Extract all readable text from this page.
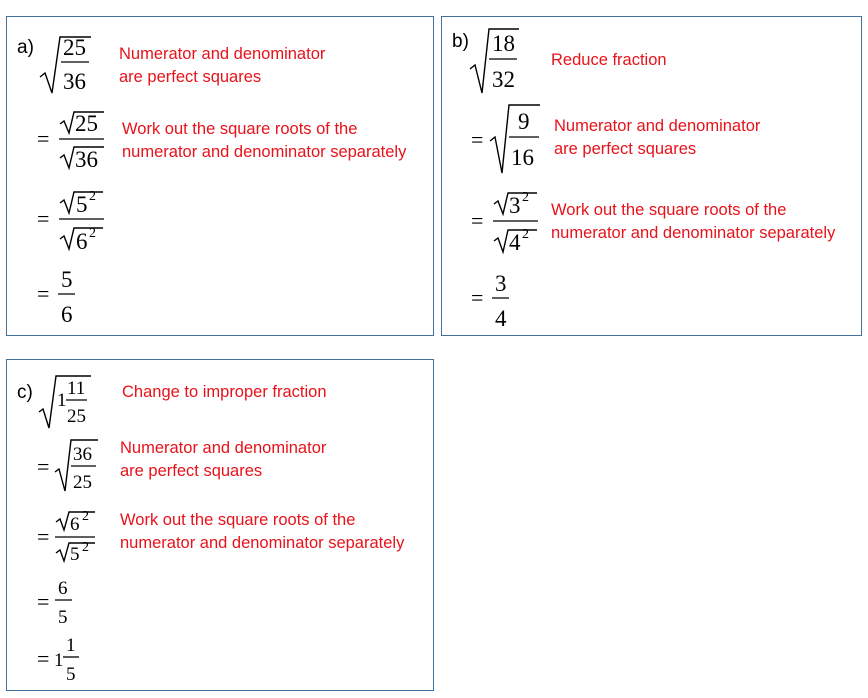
a)	Numerator and denominator
are perfect squares
Work out the square roots of the
numerator and denominator separately
25
36
=
25
36
=
5 2
6 2
=
5
6
b)
Reduce fraction
Numerator and denominator
are perfect squares
Work out the square roots of the
numerator and denominator separately
18
32
=
9
16
=
3 2
4 2
=
3
4
c)	Change to improper fraction
Numerator and denominator
are perfect squares
Work out the square roots of the
numerator and denominator separately
1
11
25
= 36
25
= 6 2
5 2
=
6
5
= 1
1
5
